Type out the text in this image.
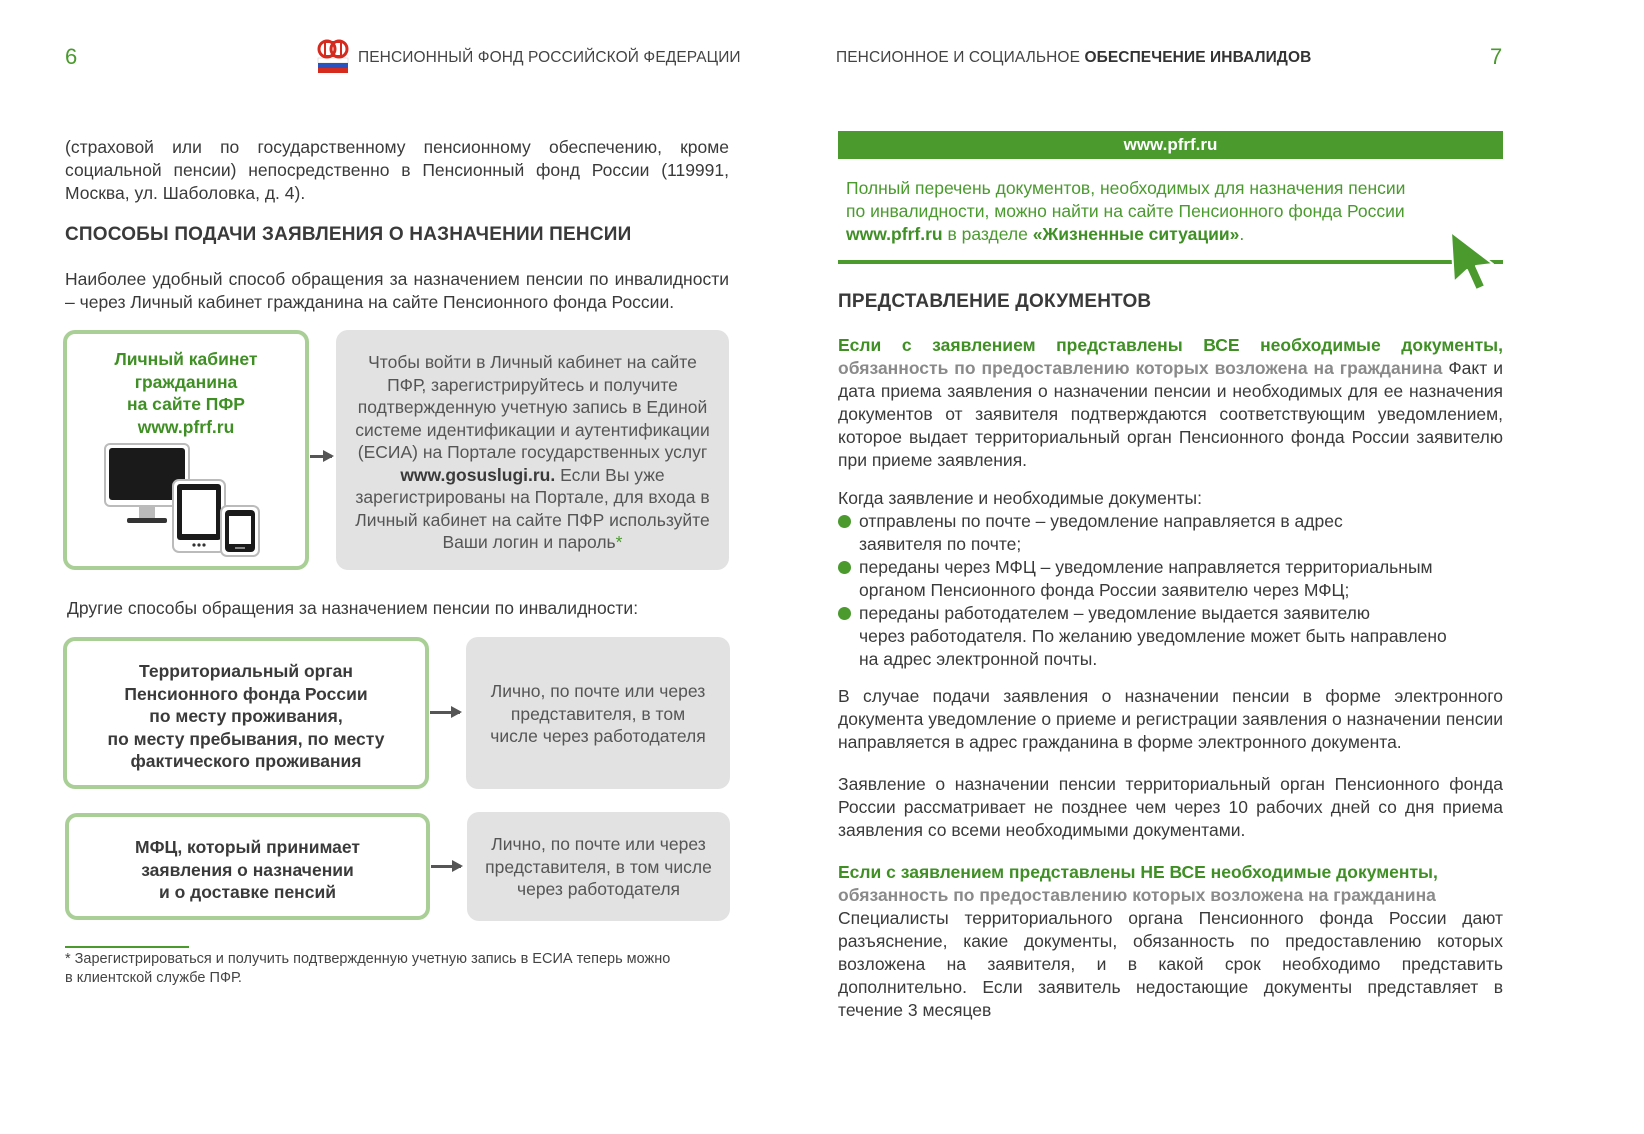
6	ПЕНСИОННЫЙ ФОНД РОССИЙСКОЙ ФЕДЕРАЦИИ
(страховой или по государственному пенсионному обеспечению, кроме социальной пенсии) непосредственно в Пенсионный фонд России (119991, Москва, ул. Шаболовка, д. 4).
СПОСОБЫ ПОДАЧИ ЗАЯВЛЕНИЯ О НАЗНАЧЕНИИ ПЕНСИИ
Наиболее удобный способ обращения за назначением пенсии по инвалидности – через Личный кабинет гражданина на сайте Пенсионного фонда России.
Личный кабинет
гражданина
на сайте ПФР
www.pfrf.ru
Чтобы войти в Личный кабинет на сайте ПФР, зарегистрируйтесь и получите подтвержденную учетную запись в Единой системе идентификации и аутентификации (ЕСИА) на Портале государственных услуг www.gosuslugi.ru. Если Вы уже зарегистрированы на Портале, для входа в Личный кабинет на сайте ПФР используйте Ваши логин и пароль*
Другие способы обращения за назначением пенсии по инвалидности:
Территориальный орган
Пенсионного фонда России
по месту проживания,
по месту пребывания, по месту
фактического проживания
Лично, по почте или через
представителя, в том
числе через работодателя
МФЦ, который принимает
заявления о назначении
и о доставке пенсий
Лично, по почте или через
представителя, в том числе
через работодателя
* Зарегистрироваться и получить подтвержденную учетную запись в ЕСИА теперь можно
в клиентской службе ПФР.
ПЕНСИОННОЕ И СОЦИАЛЬНОЕ ОБЕСПЕЧЕНИЕ ИНВАЛИДОВ	7
www.pfrf.ru
Полный перечень документов, необходимых для назначения пенсии
по инвалидности, можно найти на сайте Пенсионного фонда России
www.pfrf.ru в разделе «Жизненные ситуации».
ПРЕДСТАВЛЕНИЕ ДОКУМЕНТОВ
Если с заявлением представлены ВСЕ необходимые документы, обязанность по предоставлению которых возложена на гражданина Факт и дата приема заявления о назначении пенсии и необходимых для ее назначения документов от заявителя подтверждаются соответствующим уведомлением, которое выдает территориальный орган Пенсионного фонда России заявителю при приеме заявления.
Когда заявление и необходимые документы:
отправлены по почте – уведомление направляется в адрес
заявителя по почте;
переданы через МФЦ – уведомление направляется территориальным
органом Пенсионного фонда России заявителю через МФЦ;
переданы работодателем – уведомление выдается заявителю
через работодателя. По желанию уведомление может быть направлено
на адрес электронной почты.
В случае подачи заявления о назначении пенсии в форме электронного документа уведомление о приеме и регистрации заявления о назначении пенсии направляется в адрес гражданина в форме электронного документа.
Заявление о назначении пенсии территориальный орган Пенсионного фонда России рассматривает не позднее чем через 10 рабочих дней со дня приема заявления со всеми необходимыми документами.
Если с заявлением представлены НЕ ВСЕ необходимые документы,
обязанность по предоставлению которых возложена на гражданина
Специалисты территориального органа Пенсионного фонда России дают разъяснение, какие документы, обязанность по предоставлению которых возложена на заявителя, и в какой срок необходимо представить дополнительно. Если заявитель недостающие документы представляет в течение 3 месяцев
